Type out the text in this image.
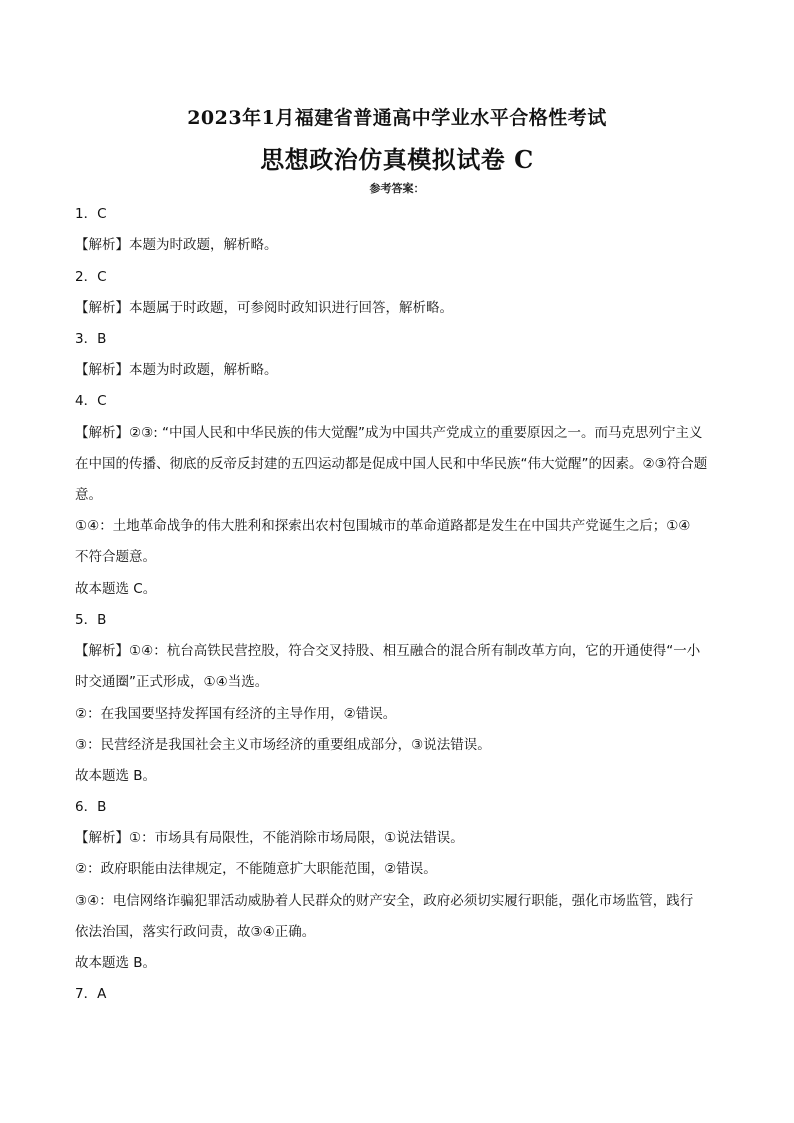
2023年1月福建省普通高中学业水平合格性考试
思想政治仿真模拟试卷 C
参考答案：
1．C
【解析】本题为时政题，解析略。
2．C
【解析】本题属于时政题，可参阅时政知识进行回答，解析略。
3．B
【解析】本题为时政题，解析略。
4．C
【解析】②③: “中国人民和中华民族的伟大觉醒”成为中国共产党成立的重要原因之一。而马克思列宁主义
在中国的传播、彻底的反帝反封建的五四运动都是促成中国人民和中华民族“伟大觉醒”的因素。②③符合题
意。
①④：土地革命战争的伟大胜利和探索出农村包围城市的革命道路都是发生在中国共产党诞生之后；①④
不符合题意。
故本题选 C。
5．B
【解析】①④：杭台高铁民营控股，符合交叉持股、相互融合的混合所有制改革方向，它的开通使得“一小
时交通圈”正式形成，①④当选。
②：在我国要坚持发挥国有经济的主导作用，②错误。
③：民营经济是我国社会主义市场经济的重要组成部分，③说法错误。
故本题选 B。
6．B
【解析】①：市场具有局限性，不能消除市场局限，①说法错误。
②：政府职能由法律规定，不能随意扩大职能范围，②错误。
③④：电信网络诈骗犯罪活动威胁着人民群众的财产安全，政府必须切实履行职能，强化市场监管，践行
依法治国，落实行政问责，故③④正确。
故本题选 B。
7．A
